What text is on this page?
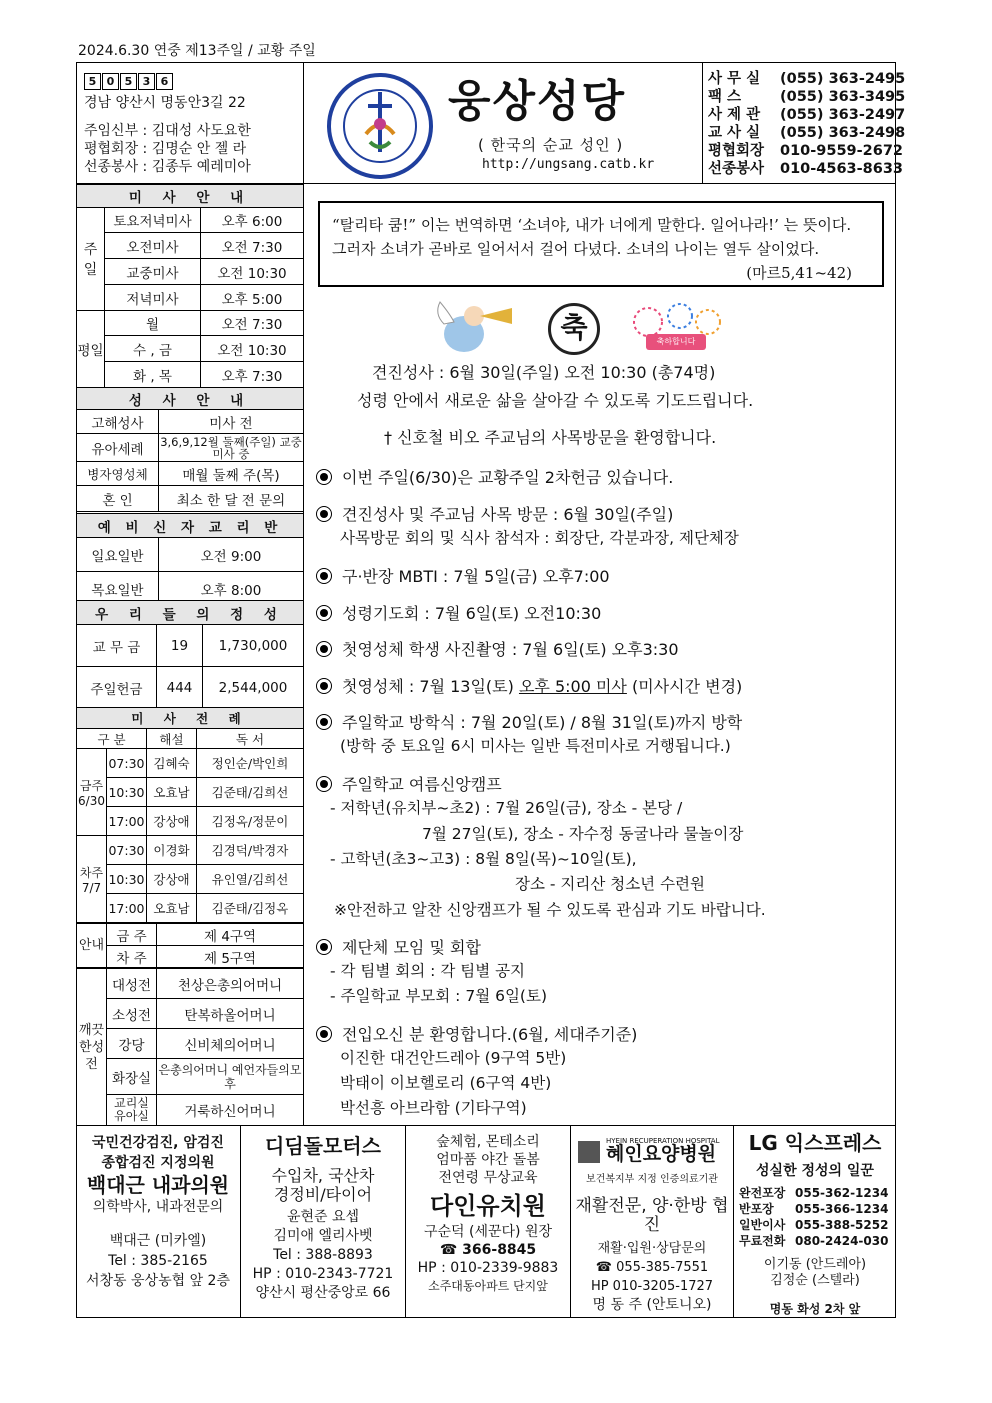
2024.6.30 연중 제13주일 / 교황 주일
5 0 5 3 6
경남 양산시 명동안3길 22
주임신부 : 김대성 사도요한
평협회장 : 김명순 안 젤 라
선종봉사 : 김종두 예레미아
웅상성당
( 한국의 순교 성인 )
http://ungsang.catb.kr
사 무 실 (055) 363-2495
팩 스	(055) 363-3495
사 제 관 (055) 363-2497
교 사 실 (055) 363-2498
평협회장 010-9559-2672
선종봉사 010-4563-8633
미 사 안 내		
주일	토요저녁미사	오후 6:00
	오전미사	오전 7:30
	교중미사	오전 10:30
	저녁미사	오후 5:00
평일	월	오전 7:30
	수 , 금	오전 10:30
	화 , 목	오후 7:30
성 사 안 내	
고해성사	미사 전
유아세례	3,6,9,12월 둘째(주일) 교중미사 중
병자영성체	매월 둘째 주(목)
혼 인	최소 한 달 전 문의
예 비 신 자 교 리 반	
일요일반	오전 9:00
목요일반	오후 8:00
우 리 들 의 정 성		
교 무 금	19	1,730,000
주일헌금	444	2,544,000
미 사 전 례			
구 분		해설	독 서
금주 6/30	07:30	김혜숙	정인순/박인희
	10:30	오효남	김준태/김희선
	17:00	강상애	김정옥/정문이
차주 7/7	07:30	이경화	김경덕/박경자
	10:30	강상애	유인열/김희선
	17:00	오효남	김준태/김정옥
안내	금 주	제 4구역
	차 주	제 5구역
깨끗한성전	대성전	천상은총의어머니
	소성전	탄복하올어머니
	강당	신비체의어머니
	화장실	은총의어머니 예언자들의모후
	교리실 유아실	거룩하신어머니
“탈리타 쿰!” 이는 번역하면 ‘소녀야, 내가 너에게 말한다. 일어나라!’ 는 뜻이다. 그러자 소녀가 곧바로 일어서서 걸어 다녔다. 소녀의 나이는 열두 살이었다.
(마르5,41~42)
축	축하합니다
견진성사 : 6월 30일(주일) 오전 10:30 (총74명)
성령 안에서 새로운 삶을 살아갈 수 있도록 기도드립니다.
† 신호철 비오 주교님의 사목방문을 환영합니다.
이번 주일(6/30)은 교황주일 2차헌금 있습니다.
견진성사 및 주교님 사목 방문 : 6월 30일(주일)
사목방문 회의 및 식사 참석자 : 회장단, 각분과장, 제단체장
구·반장 MBTI : 7월 5일(금) 오후7:00
성령기도회 : 7월 6일(토) 오전10:30
첫영성체 학생 사진촬영 : 7월 6일(토) 오후3:30
첫영성체 : 7월 13일(토) 오후 5:00 미사 (미사시간 변경)
주일학교 방학식 : 7월 20일(토) / 8월 31일(토)까지 방학
(방학 중 토요일 6시 미사는 일반 특전미사로 거행됩니다.)
주일학교 여름신앙캠프
- 저학년(유치부~초2) : 7월 26일(금), 장소 - 본당 /
7월 27일(토), 장소 - 자수정 동굴나라 물놀이장
- 고학년(초3~고3) : 8월 8일(목)~10일(토),
장소 - 지리산 청소년 수련원
※안전하고 알찬 신앙캠프가 될 수 있도록 관심과 기도 바랍니다.
제단체 모임 및 회합
- 각 팀별 회의 : 각 팀별 공지
- 주일학교 부모회 : 7월 6일(토)
전입오신 분 환영합니다.(6월, 세대주기준)
이진한 대건안드레아 (9구역 5반)
박태이 이보헬로리 (6구역 4반)
박선흥 아브라함 (기타구역)
국민건강검진, 암검진
종합검진 지정의원
백대근 내과의원
의학박사, 내과전문의
백대근 (미카엘)
Tel : 385-2165
서창동 웅상농협 앞 2층
디딤돌모터스
수입차, 국산차
경정비/타이어
윤현준 요셉
김미애 엘리사벳
Tel : 388-8893
HP : 010-2343-7721
양산시 평산중앙로 66
숲체험, 몬테소리
엄마품 야간 돌봄
전연령 무상교육
다인유치원
구순덕 (세꾼다) 원장
☎ 366-8845
HP : 010-2339-9883
소주대동아파트 단지앞
HYEIN RECUPERATION HOSPITAL
혜인요양병원
보건복지부 지정 인증의료기관
재활전문, 양·한방 협진
재활·입원·상담문의
☎ 055-385-7551
HP 010-3205-1727
명 동 주 (안토니오)
LG 익스프레스
성실한 정성의 일꾼
완전포장 055-362-1234
반포장 055-366-1234
일반이사 055-388-5252
무료전화 080-2424-030
이기동 (안드레아)
김정순 (스텔라)
명동 화성 2차 앞
